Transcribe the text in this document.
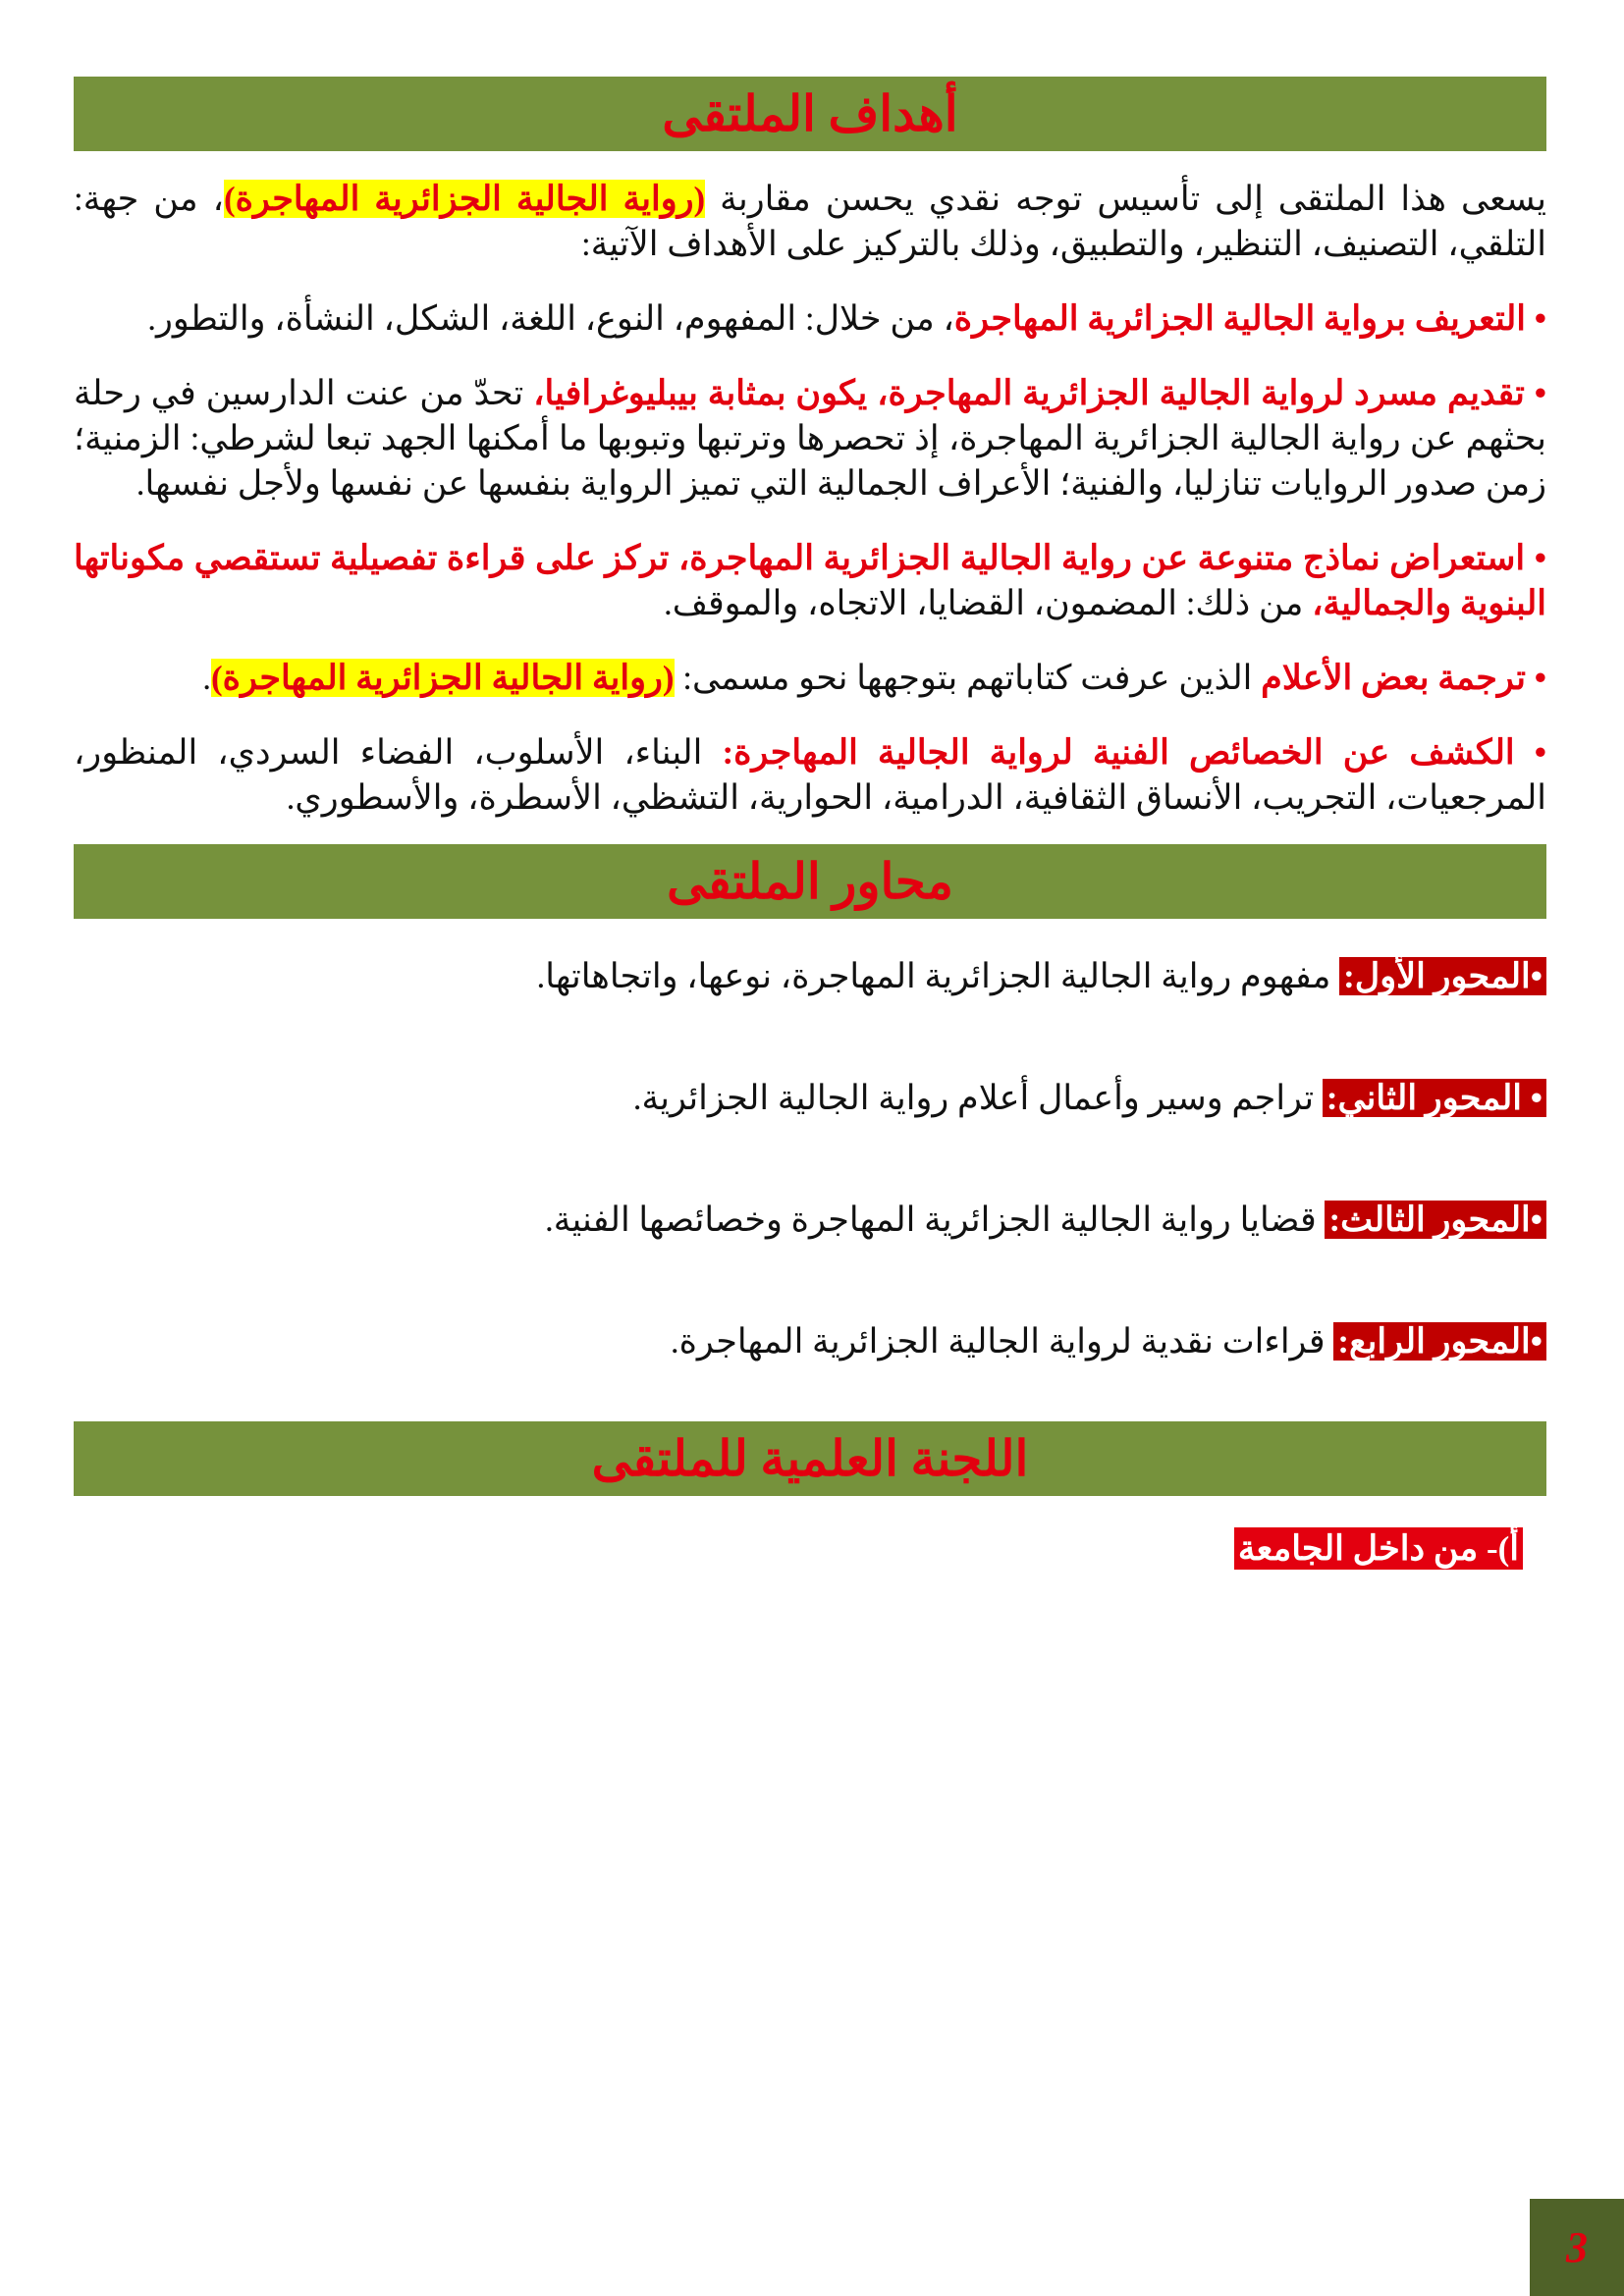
أهداف الملتقى

يسعى هذا الملتقى إلى تأسيس توجه نقدي يحسن مقاربة (رواية الجالية الجزائرية المهاجرة)، من جهة: التلقي، التصنيف، التنظير، والتطبيق، وذلك بالتركيز على الأهداف الآتية:

• التعريف برواية الجالية الجزائرية المهاجرة، من خلال: المفهوم، النوع، اللغة، الشكل، النشأة، والتطور.

• تقديم مسرد لرواية الجالية الجزائرية المهاجرة، يكون بمثابة بيبليوغرافيا، تحدّ من عنت الدارسين في رحلة بحثهم عن رواية الجالية الجزائرية المهاجرة، إذ تحصرها وترتبها وتبوبها ما أمكنها الجهد تبعا لشرطي: الزمنية؛ زمن صدور الروايات تنازليا، والفنية؛ الأعراف الجمالية التي تميز الرواية بنفسها عن نفسها ولأجل نفسها.

• استعراض نماذج متنوعة عن رواية الجالية الجزائرية المهاجرة، تركز على قراءة تفصيلية تستقصي مكوناتها البنوية والجمالية، من ذلك: المضمون، القضايا، الاتجاه، والموقف.

• ترجمة بعض الأعلام الذين عرفت كتاباتهم بتوجهها نحو مسمى: (رواية الجالية الجزائرية المهاجرة).

• الكشف عن الخصائص الفنية لرواية الجالية المهاجرة: البناء، الأسلوب، الفضاء السردي، المنظور، المرجعيات، التجريب، الأنساق الثقافية، الدرامية، الحوارية، التشظي، الأسطرة، والأسطوري.

محاور الملتقى
•المحور الأول: مفهوم رواية الجالية الجزائرية المهاجرة، نوعها، واتجاهاتها.
• المحور الثاني: تراجم وسير وأعمال أعلام رواية الجالية الجزائرية.
•المحور الثالث: قضايا رواية الجالية الجزائرية المهاجرة وخصائصها الفنية.
•المحور الرابع: قراءات نقدية لرواية الجالية الجزائرية المهاجرة.
اللجنة العلمية للملتقى
أ)- من داخل الجامعة
3
